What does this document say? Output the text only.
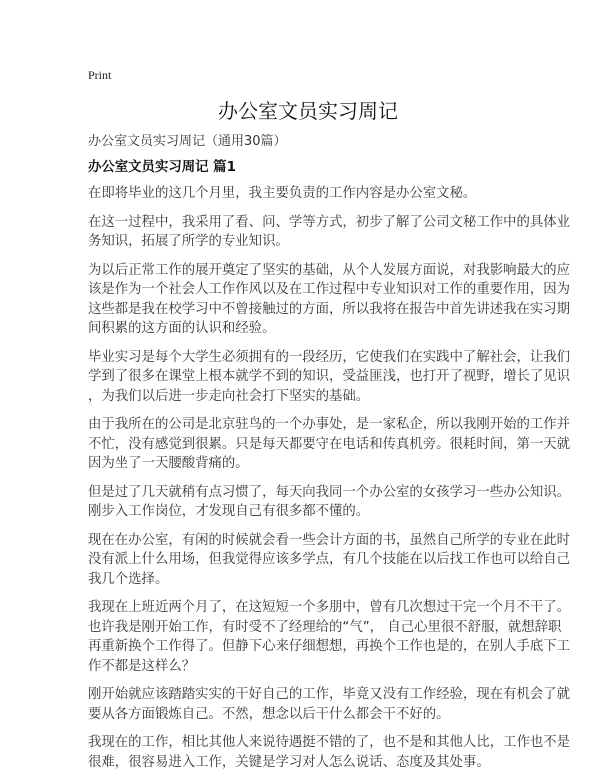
Print
办公室文员实习周记
办公室文员实习周记（通用30篇）
办公室文员实习周记 篇1
在即将毕业的这几个月里，我主要负责的工作内容是办公室文秘。
在这一过程中，我采用了看、问、学等方式，初步了解了公司文秘工作中的具体业
务知识，拓展了所学的专业知识。
为以后正常工作的展开奠定了坚实的基础，从个人发展方面说，对我影响最大的应
该是作为一个社会人工作作风以及在工作过程中专业知识对工作的重要作用，因为
这些都是我在校学习中不曾接触过的方面，所以我将在报告中首先讲述我在实习期
间积累的这方面的认识和经验。
毕业实习是每个大学生必须拥有的一段经历，它使我们在实践中了解社会，让我们
学到了很多在课堂上根本就学不到的知识，受益匪浅，也打开了视野，增长了见识
，为我们以后进一步走向社会打下坚实的基础。
由于我所在的公司是北京驻鸟的一个办事处，是一家私企，所以我刚开始的工作并
不忙，没有感觉到很累。只是每天都要守在电话和传真机旁。很耗时间，第一天就
因为坐了一天腰酸背痛的。
但是过了几天就稍有点习惯了，每天向我同一个办公室的女孩学习一些办公知识。
刚步入工作岗位，才发现自己有很多都不懂的。
现在在办公室，有闲的时候就会看一些会计方面的书，虽然自己所学的专业在此时
没有派上什么用场，但我觉得应该多学点，有几个技能在以后找工作也可以给自己
我几个选择。
我现在上班近两个月了，在这短短一个多朋中，曾有几次想过干完一个月不干了。
也许我是刚开始工作，有时受不了经理给的“气”， 自己心里很不舒服，就想辞职
再重新换个工作得了。但静下心来仔细想想，再换个工作也是的，在别人手底下工
作不都是这样么？
刚开始就应该踏踏实实的干好自己的工作，毕竟又没有工作经验，现在有机会了就
要从各方面锻炼自己。不然，想念以后干什么都会干不好的。
我现在的工作，相比其他人来说待遇挺不错的了，也不是和其他人比，工作也不是
很难，很容易进入工作，关键是学习对人怎么说话、态度及其处事。
